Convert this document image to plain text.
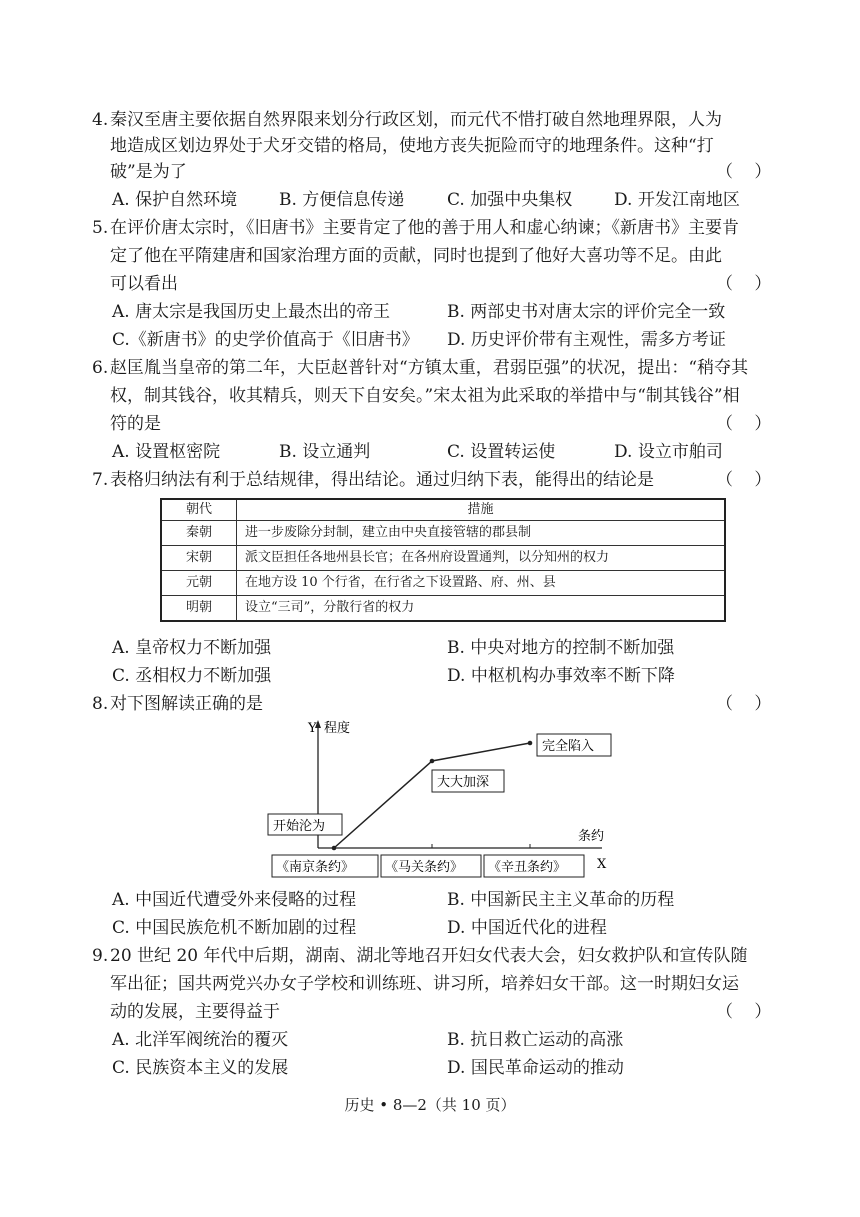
4. 秦汉至唐主要依据自然界限来划分行政区划，而元代不惜打破自然地理界限，人为
地造成区划边界处于犬牙交错的格局，使地方丧失扼险而守的地理条件。这种“打
破”是为了	（ ）
A. 保护自然环境 B. 方便信息传递	C. 加强中央集权 D. 开发江南地区
5. 在评价唐太宗时，《旧唐书》主要肯定了他的善于用人和虚心纳谏；《新唐书》主要肯
定了他在平隋建唐和国家治理方面的贡献，同时也提到了他好大喜功等不足。由此
可以看出	（ ）
A. 唐太宗是我国历史上最杰出的帝王	B. 两部史书对唐太宗的评价完全一致
C.《新唐书》的史学价值高于《旧唐书》 D. 历史评价带有主观性，需多方考证
6. 赵匡胤当皇帝的第二年，大臣赵普针对“方镇太重，君弱臣强”的状况，提出：“稍夺其
权，制其钱谷，收其精兵，则天下自安矣。”宋太祖为此采取的举措中与“制其钱谷”相
符的是	（ ）
A. 设置枢密院	B. 设立通判	C. 设置转运使	D. 设立市舶司
7. 表格归纳法有利于总结规律，得出结论。通过归纳下表，能得出的结论是	（ ）
朝代	措施
秦朝	进一步废除分封制，建立由中央直接管辖的郡县制
宋朝	派文臣担任各地州县长官；在各州府设置通判，以分知州的权力
元朝	在地方设 10 个行省，在行省之下设置路、府、州、县
明朝	设立“三司”，分散行省的权力
A. 皇帝权力不断加强	B. 中央对地方的控制不断加强
C. 丞相权力不断加强	D. 中枢机构办事效率不断下降
8. 对下图解读正确的是	（ ）
Y 程度
条约
X
开始沦为
大大加深
完全陷入
《南京条约》 《马关条约》 《辛丑条约》
A. 中国近代遭受外来侵略的过程	B. 中国新民主主义革命的历程
C. 中国民族危机不断加剧的过程	D. 中国近代化的进程
9. 20 世纪 20 年代中后期，湖南、湖北等地召开妇女代表大会，妇女救护队和宣传队随
军出征；国共两党兴办女子学校和训练班、讲习所，培养妇女干部。这一时期妇女运
动的发展，主要得益于	（ ）
A. 北洋军阀统治的覆灭	B. 抗日救亡运动的高涨
C. 民族资本主义的发展	D. 国民革命运动的推动
历史 • 8—2（共 10 页）
